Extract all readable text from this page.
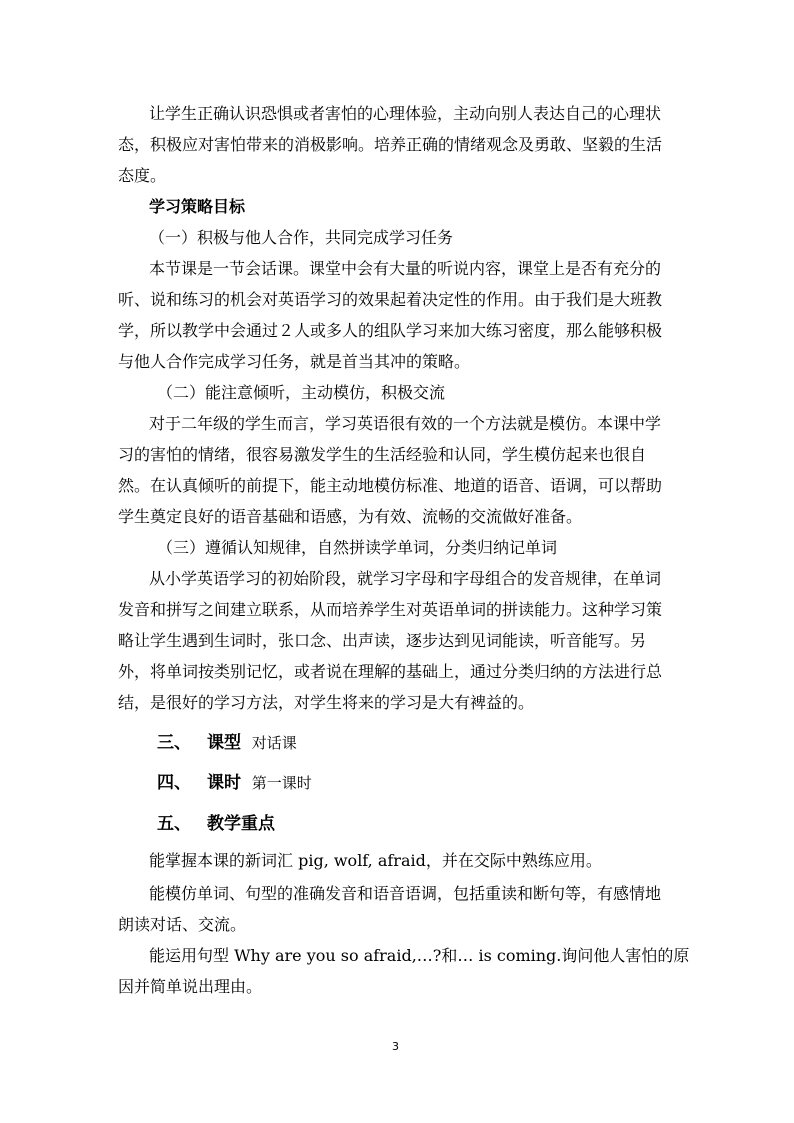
让学生正确认识恐惧或者害怕的心理体验，主动向别人表达自己的心理状
态，积极应对害怕带来的消极影响。培养正确的情绪观念及勇敢、坚毅的生活
态度。
学习策略目标
（一）积极与他人合作，共同完成学习任务
本节课是一节会话课。课堂中会有大量的听说内容，课堂上是否有充分的
听、说和练习的机会对英语学习的效果起着决定性的作用。由于我们是大班教
学，所以教学中会通过２人或多人的组队学习来加大练习密度，那么能够积极
与他人合作完成学习任务，就是首当其冲的策略。
（二）能注意倾听，主动模仿，积极交流
对于二年级的学生而言，学习英语很有效的一个方法就是模仿。本课中学
习的害怕的情绪，很容易激发学生的生活经验和认同，学生模仿起来也很自
然。在认真倾听的前提下，能主动地模仿标准、地道的语音、语调，可以帮助
学生奠定良好的语音基础和语感，为有效、流畅的交流做好准备。
（三）遵循认知规律，自然拼读学单词，分类归纳记单词
从小学英语学习的初始阶段，就学习字母和字母组合的发音规律，在单词
发音和拼写之间建立联系，从而培养学生对英语单词的拼读能力。这种学习策
略让学生遇到生词时，张口念、出声读，逐步达到见词能读，听音能写。另
外，将单词按类别记忆，或者说在理解的基础上，通过分类归纳的方法进行总
结，是很好的学习方法，对学生将来的学习是大有裨益的。
三、 课型 对话课
四、 课时 第一课时
五、 教学重点
能掌握本课的新词汇 pig, wolf, afraid，并在交际中熟练应用。
能模仿单词、句型的准确发音和语音语调，包括重读和断句等，有感情地
朗读对话、交流。
能运用句型 Why are you so afraid,…?和… is coming.询问他人害怕的原
因并简单说出理由。
3
